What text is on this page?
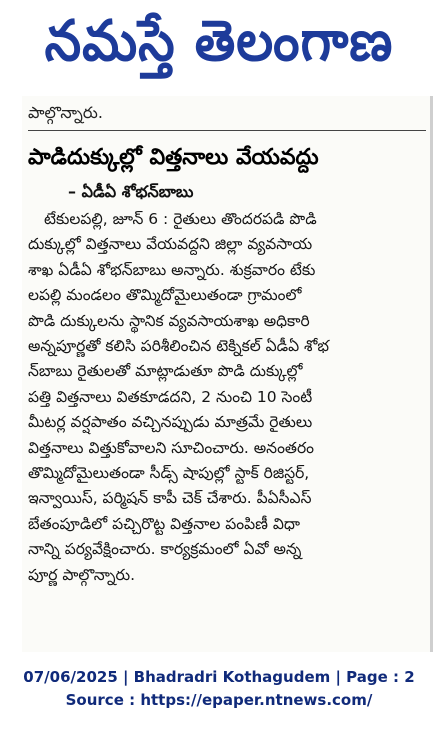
నమస్తే తెలంగాణ
పాల్గొన్నారు.
పాడిదుక్కుల్లో విత్తనాలు వేయవద్దు
– ఏడీఏ శోభన్‌బాబు
టేకులపల్లి, జూన్ 6 : రైతులు తొందరపడి పొడి
దుక్కుల్లో విత్తనాలు వేయవద్దని జిల్లా వ్యవసాయ
శాఖ ఏడీఏ శోభన్‌బాబు అన్నారు. శుక్రవారం టేకు
లపల్లి మండలం తొమ్మిదోమైలుతండా గ్రామంలో
పొడి దుక్కులను స్థానిక వ్యవసాయశాఖ అధికారి
అన్నపూర్ణతో కలిసి పరిశీలించిన టెక్నికల్ ఏడీఏ శోభ
న్‌బాబు రైతులతో మాట్లాడుతూ పొడి దుక్కుల్లో
పత్తి విత్తనాలు వితకూడదని, 2 నుంచి 10 సెంటీ
మీటర్ల వర్షపాతం వచ్చినప్పుడు మాత్రమే రైతులు
విత్తనాలు విత్తుకోవాలని సూచించారు. అనంతరం
తొమ్మిదోమైలుతండా సీడ్స్ షాపుల్లో స్టాక్ రిజిస్టర్,
ఇన్వాయిస్, పర్మిషన్ కాపీ చెక్ చేశారు. పీఏసీఎస్
బేతంపూడిలో పచ్చిరొట్ట విత్తనాల పంపిణీ విధా
నాన్ని పర్యవేక్షించారు. కార్యక్రమంలో ఏవో అన్న
పూర్ణ పాల్గొన్నారు.
07/06/2025 | Bhadradri Kothagudem | Page : 2
Source : https://epaper.ntnews.com/
